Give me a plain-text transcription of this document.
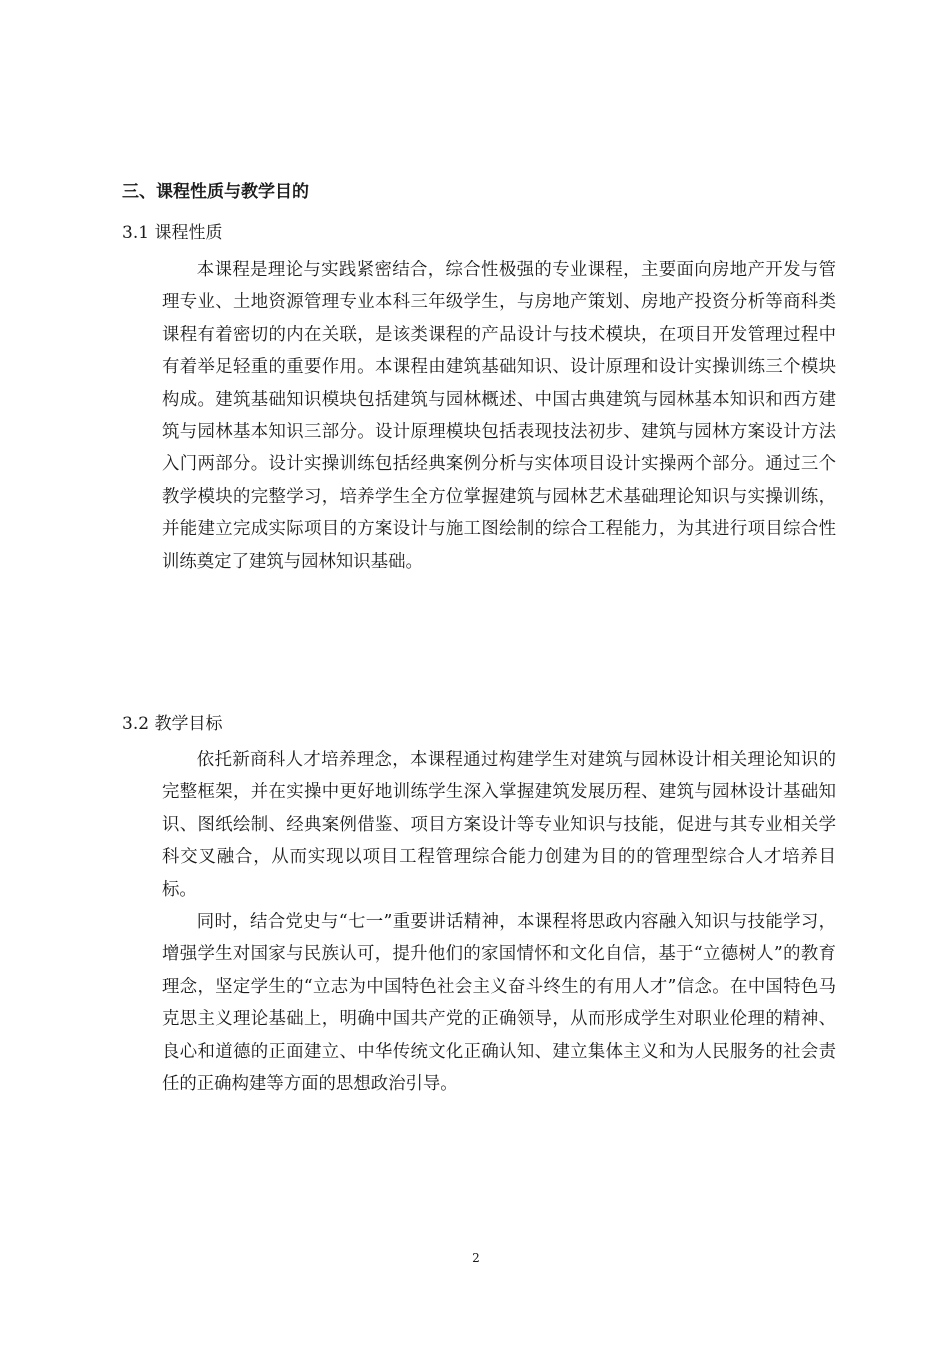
三、课程性质与教学目的
3.1 课程性质

本课程是理论与实践紧密结合，综合性极强的专业课程，主要面向房地产开发与管理专业、土地资源管理专业本科三年级学生，与房地产策划、房地产投资分析等商科类课程有着密切的内在关联，是该类课程的产品设计与技术模块，在项目开发管理过程中有着举足轻重的重要作用。本课程由建筑基础知识、设计原理和设计实操训练三个模块构成。建筑基础知识模块包括建筑与园林概述、中国古典建筑与园林基本知识和西方建筑与园林基本知识三部分。设计原理模块包括表现技法初步、建筑与园林方案设计方法入门两部分。设计实操训练包括经典案例分析与实体项目设计实操两个部分。通过三个教学模块的完整学习，培养学生全方位掌握建筑与园林艺术基础理论知识与实操训练，并能建立完成实际项目的方案设计与施工图绘制的综合工程能力，为其进行项目综合性训练奠定了建筑与园林知识基础。

3.2 教学目标

依托新商科人才培养理念，本课程通过构建学生对建筑与园林设计相关理论知识的完整框架，并在实操中更好地训练学生深入掌握建筑发展历程、建筑与园林设计基础知识、图纸绘制、经典案例借鉴、项目方案设计等专业知识与技能，促进与其专业相关学科交叉融合，从而实现以项目工程管理综合能力创建为目的的管理型综合人才培养目标。

同时，结合党史与“七一”重要讲话精神，本课程将思政内容融入知识与技能学习，增强学生对国家与民族认可，提升他们的家国情怀和文化自信，基于“立德树人”的教育理念，坚定学生的“立志为中国特色社会主义奋斗终生的有用人才”信念。在中国特色马克思主义理论基础上，明确中国共产党的正确领导，从而形成学生对职业伦理的精神、良心和道德的正面建立、中华传统文化正确认知、建立集体主义和为人民服务的社会责任的正确构建等方面的思想政治引导。

2
